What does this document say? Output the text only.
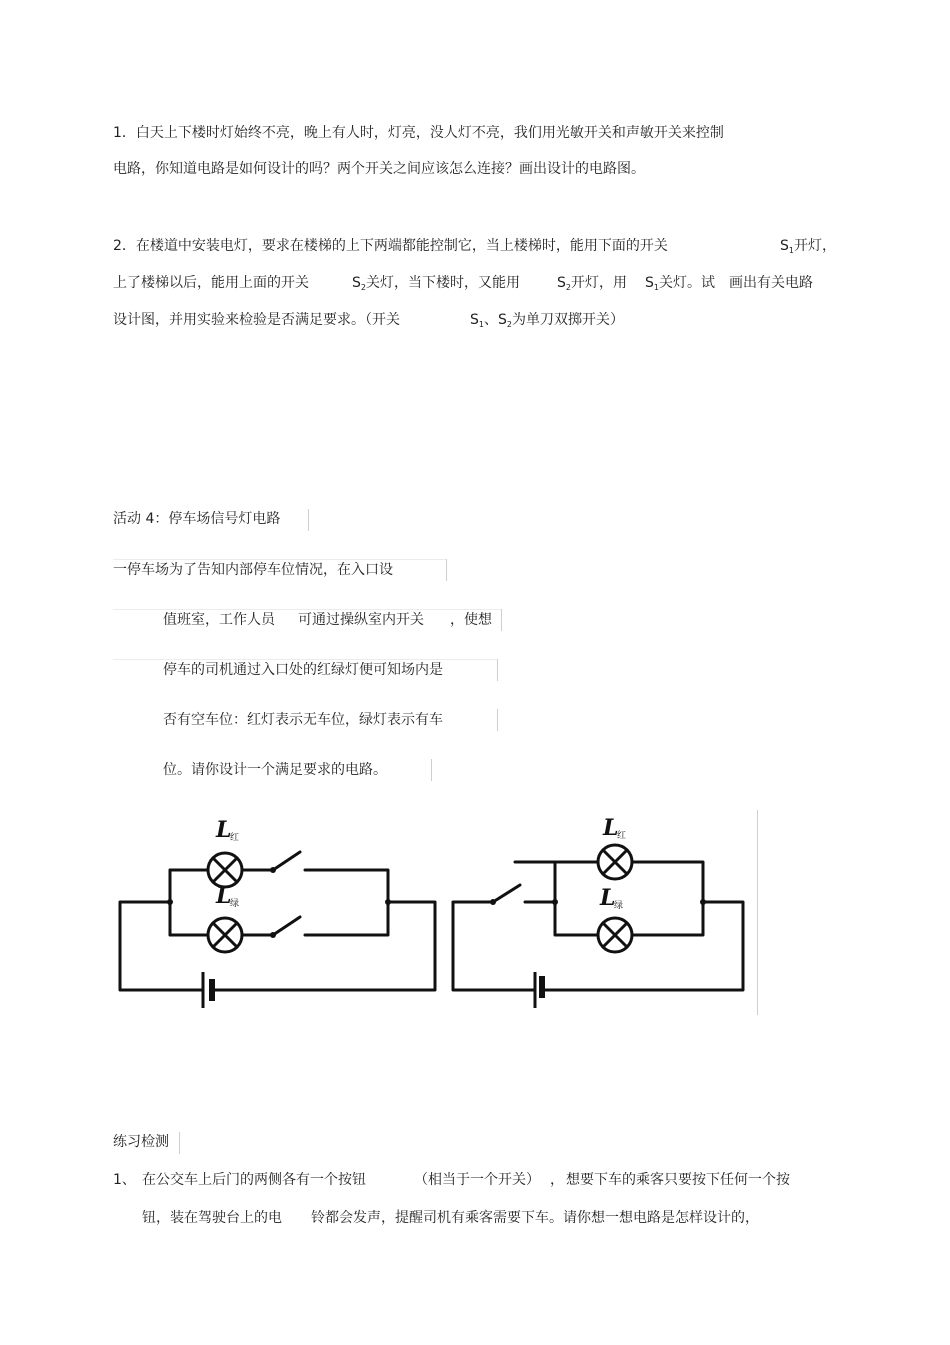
1．白天上下楼时灯始终不亮，晚上有人时，灯亮，没人灯不亮，我们用光敏开关和声敏开关来控制
电路，你知道电路是如何设计的吗？两个开关之间应该怎么连接？画出设计的电路图。
2．在楼道中安装电灯，要求在楼梯的上下两端都能控制它，当上楼梯时，能用下面的开关	$S_1$开灯，
上了楼梯以后，能用上面的开关	$S_2$关灯，当下楼时，又能用	$S_2$开灯，用 $S_1$关灯。试 画出有关电路
设计图，并用实验来检验是否满足要求。（开关	$S_1$、$S_2$为单刀双掷开关）
活动 4：停车场信号灯电路
一停车场为了告知内部停车位情况，在入口设
值班室，工作人员 可通过操纵室内开关 ，使想
停车的司机通过入口处的红绿灯便可知场内是
否有空车位：红灯表示无车位，绿灯表示有车
位。请你设计一个满足要求的电路。
L
红
L
绿
L
红
L
绿
练习检测
1、 在公交车上后门的两侧各有一个按钮	（相当于一个开关） ， 想要下车的乘客只要按下任何一个按
钮，装在驾驶台上的电 铃都会发声，提醒司机有乘客需要下车。请你想一想电路是怎样设计的，
